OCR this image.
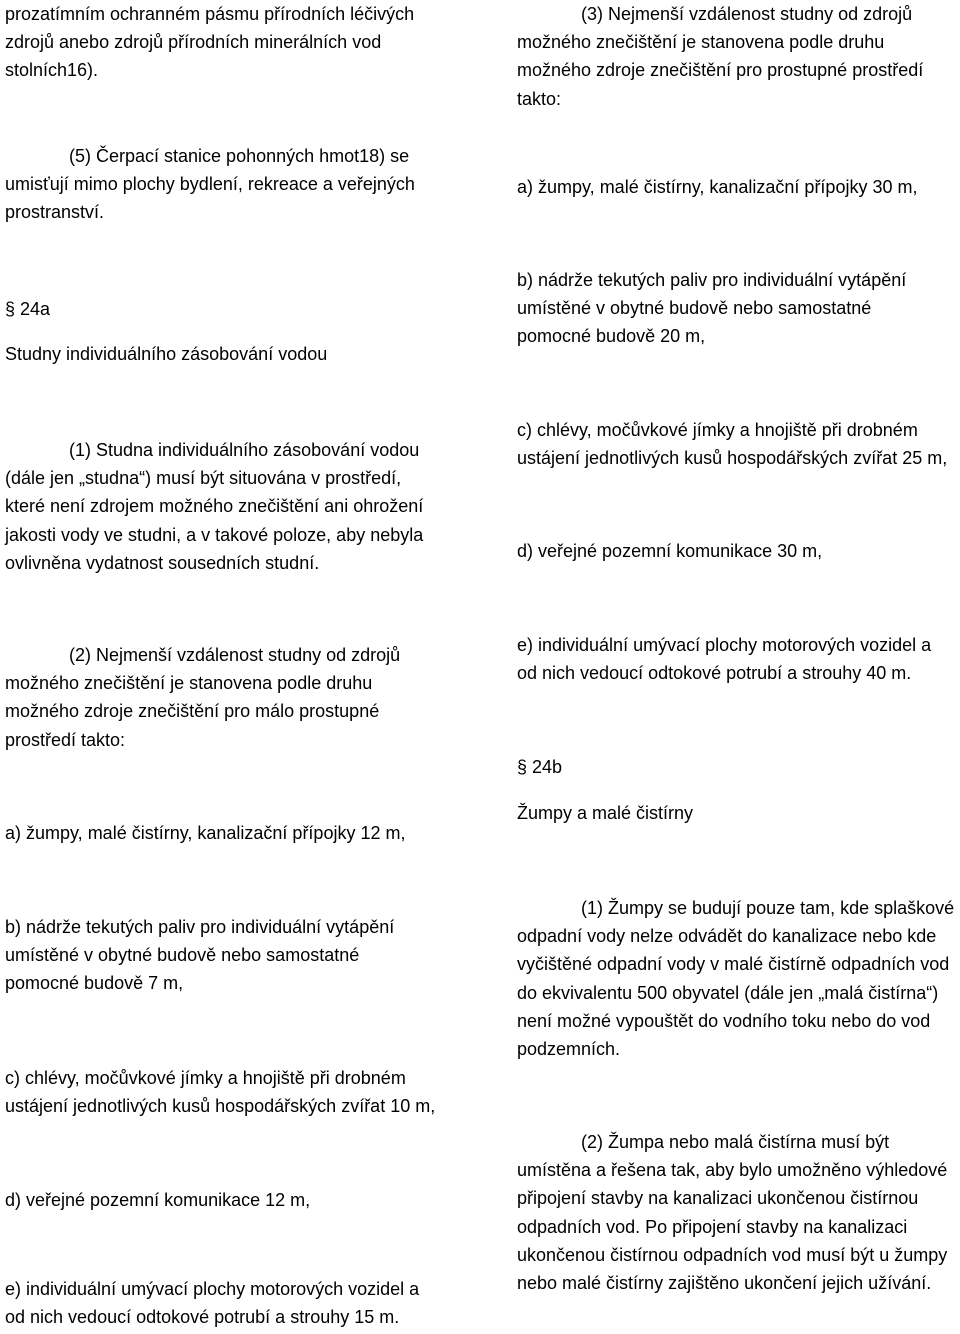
prozatímním ochranném pásmu přírodních léčivých
zdrojů anebo zdrojů přírodních minerálních vod
stolních16).

(5) Čerpací stanice pohonných hmot18) se
umisťují mimo plochy bydlení, rekreace a veřejných
prostranství.

§ 24a

Studny individuálního zásobování vodou

(1) Studna individuálního zásobování vodou
(dále jen „studna“) musí být situována v prostředí,
které není zdrojem možného znečištění ani ohrožení
jakosti vody ve studni, a v takové poloze, aby nebyla
ovlivněna vydatnost sousedních studní.

(2) Nejmenší vzdálenost studny od zdrojů
možného znečištění je stanovena podle druhu
možného zdroje znečištění pro málo prostupné
prostředí takto:

a) žumpy, malé čistírny, kanalizační přípojky 12 m,

b) nádrže tekutých paliv pro individuální vytápění
umístěné v obytné budově nebo samostatné
pomocné budově 7 m,

c) chlévy, močůvkové jímky a hnojiště při drobném
ustájení jednotlivých kusů hospodářských zvířat 10 m,

d) veřejné pozemní komunikace 12 m,

e) individuální umývací plochy motorových vozidel a
od nich vedoucí odtokové potrubí a strouhy 15 m.

(3) Nejmenší vzdálenost studny od zdrojů
možného znečištění je stanovena podle druhu
možného zdroje znečištění pro prostupné prostředí
takto:

a) žumpy, malé čistírny, kanalizační přípojky 30 m,

b) nádrže tekutých paliv pro individuální vytápění
umístěné v obytné budově nebo samostatné
pomocné budově 20 m,

c) chlévy, močůvkové jímky a hnojiště při drobném
ustájení jednotlivých kusů hospodářských zvířat 25 m,

d) veřejné pozemní komunikace 30 m,

e) individuální umývací plochy motorových vozidel a
od nich vedoucí odtokové potrubí a strouhy 40 m.

§ 24b

Žumpy a malé čistírny

(1) Žumpy se budují pouze tam, kde splaškové
odpadní vody nelze odvádět do kanalizace nebo kde
vyčištěné odpadní vody v malé čistírně odpadních vod
do ekvivalentu 500 obyvatel (dále jen „malá čistírna“)
není možné vypouštět do vodního toku nebo do vod
podzemních.

(2) Žumpa nebo malá čistírna musí být
umístěna a řešena tak, aby bylo umožněno výhledové
připojení stavby na kanalizaci ukončenou čistírnou
odpadních vod. Po připojení stavby na kanalizaci
ukončenou čistírnou odpadních vod musí být u žumpy
nebo malé čistírny zajištěno ukončení jejich užívání.
